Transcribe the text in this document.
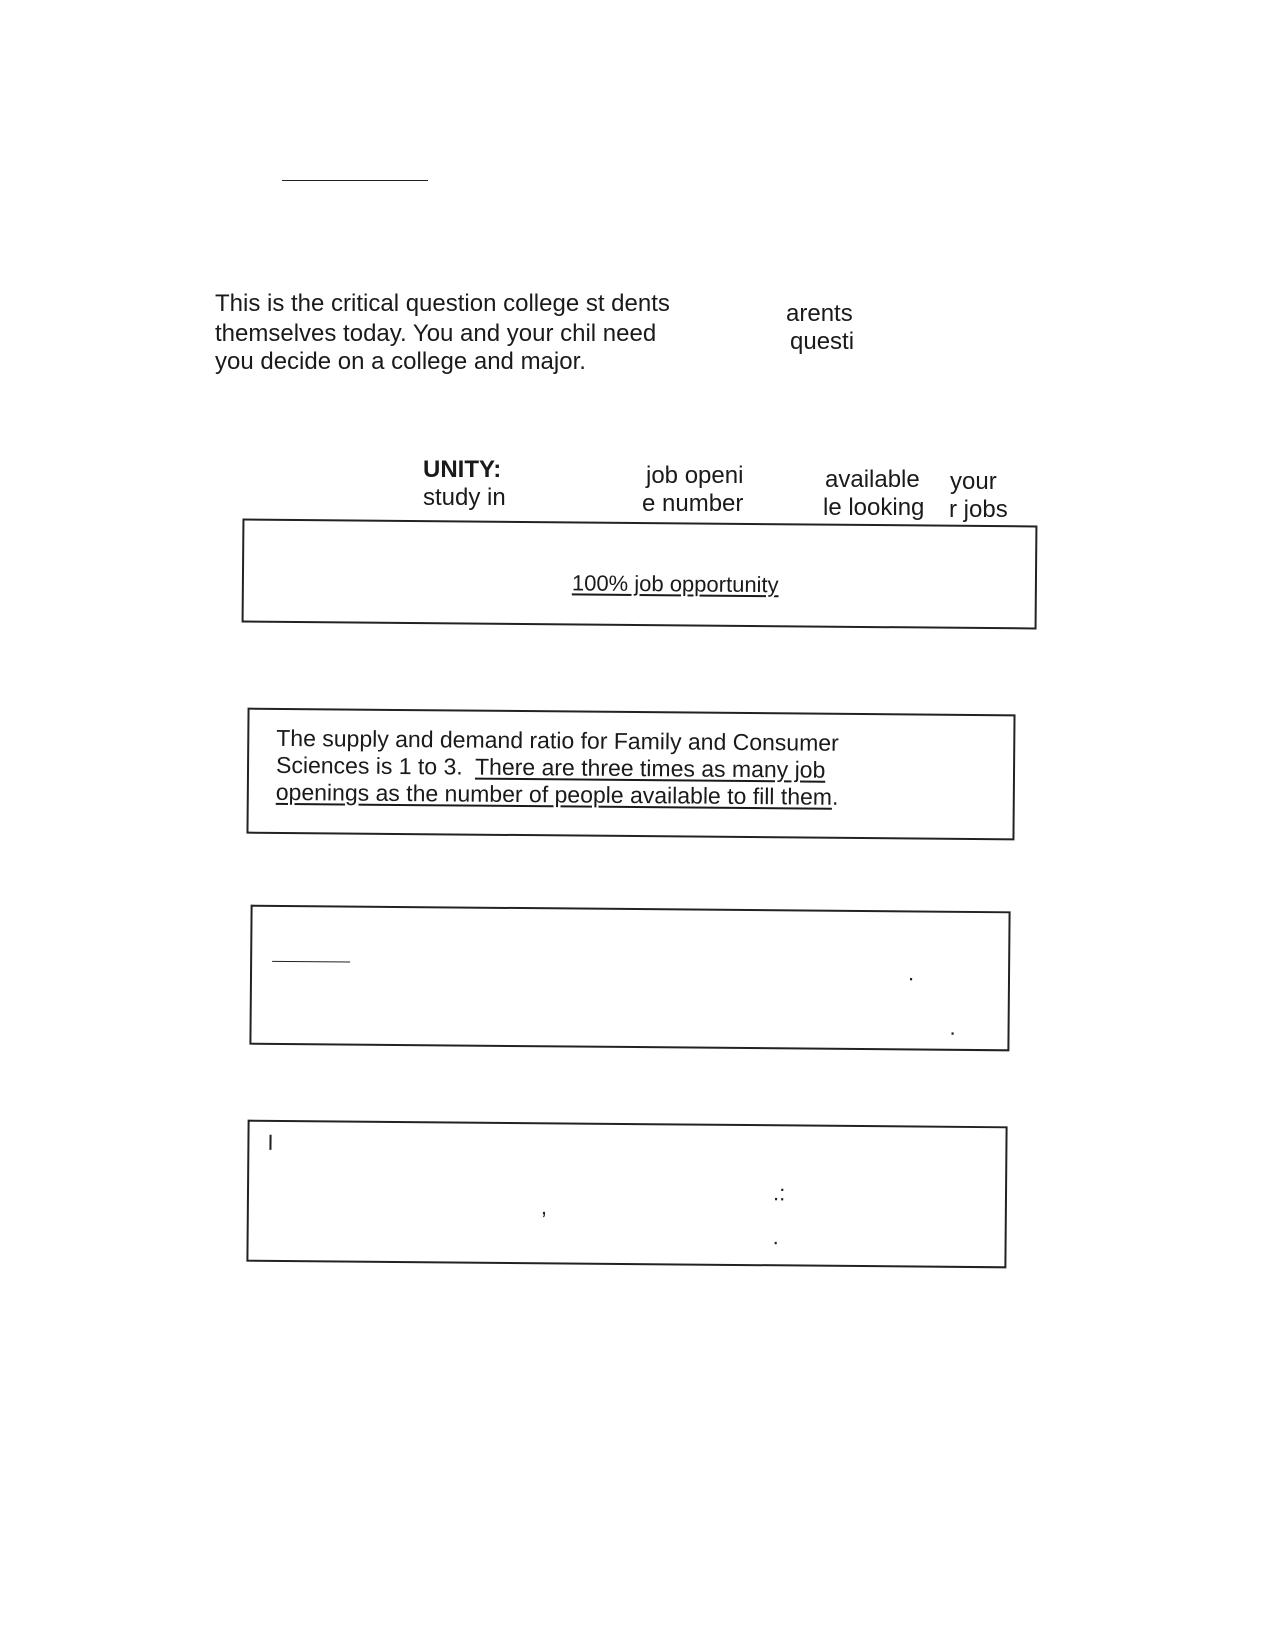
This is the critical question college st dents
themselves today. You and your chil need
you decide on a college and major.
arents
questi
UNITY:
study in
job openi
e number
available
le looking
your
r jobs
100% job opportunity
The supply and demand ratio for Family and Consumer
Sciences is 1 to 3.  There are three times as many job
openings as the number of people available to fill them.
.
.
I
,
.:
.
